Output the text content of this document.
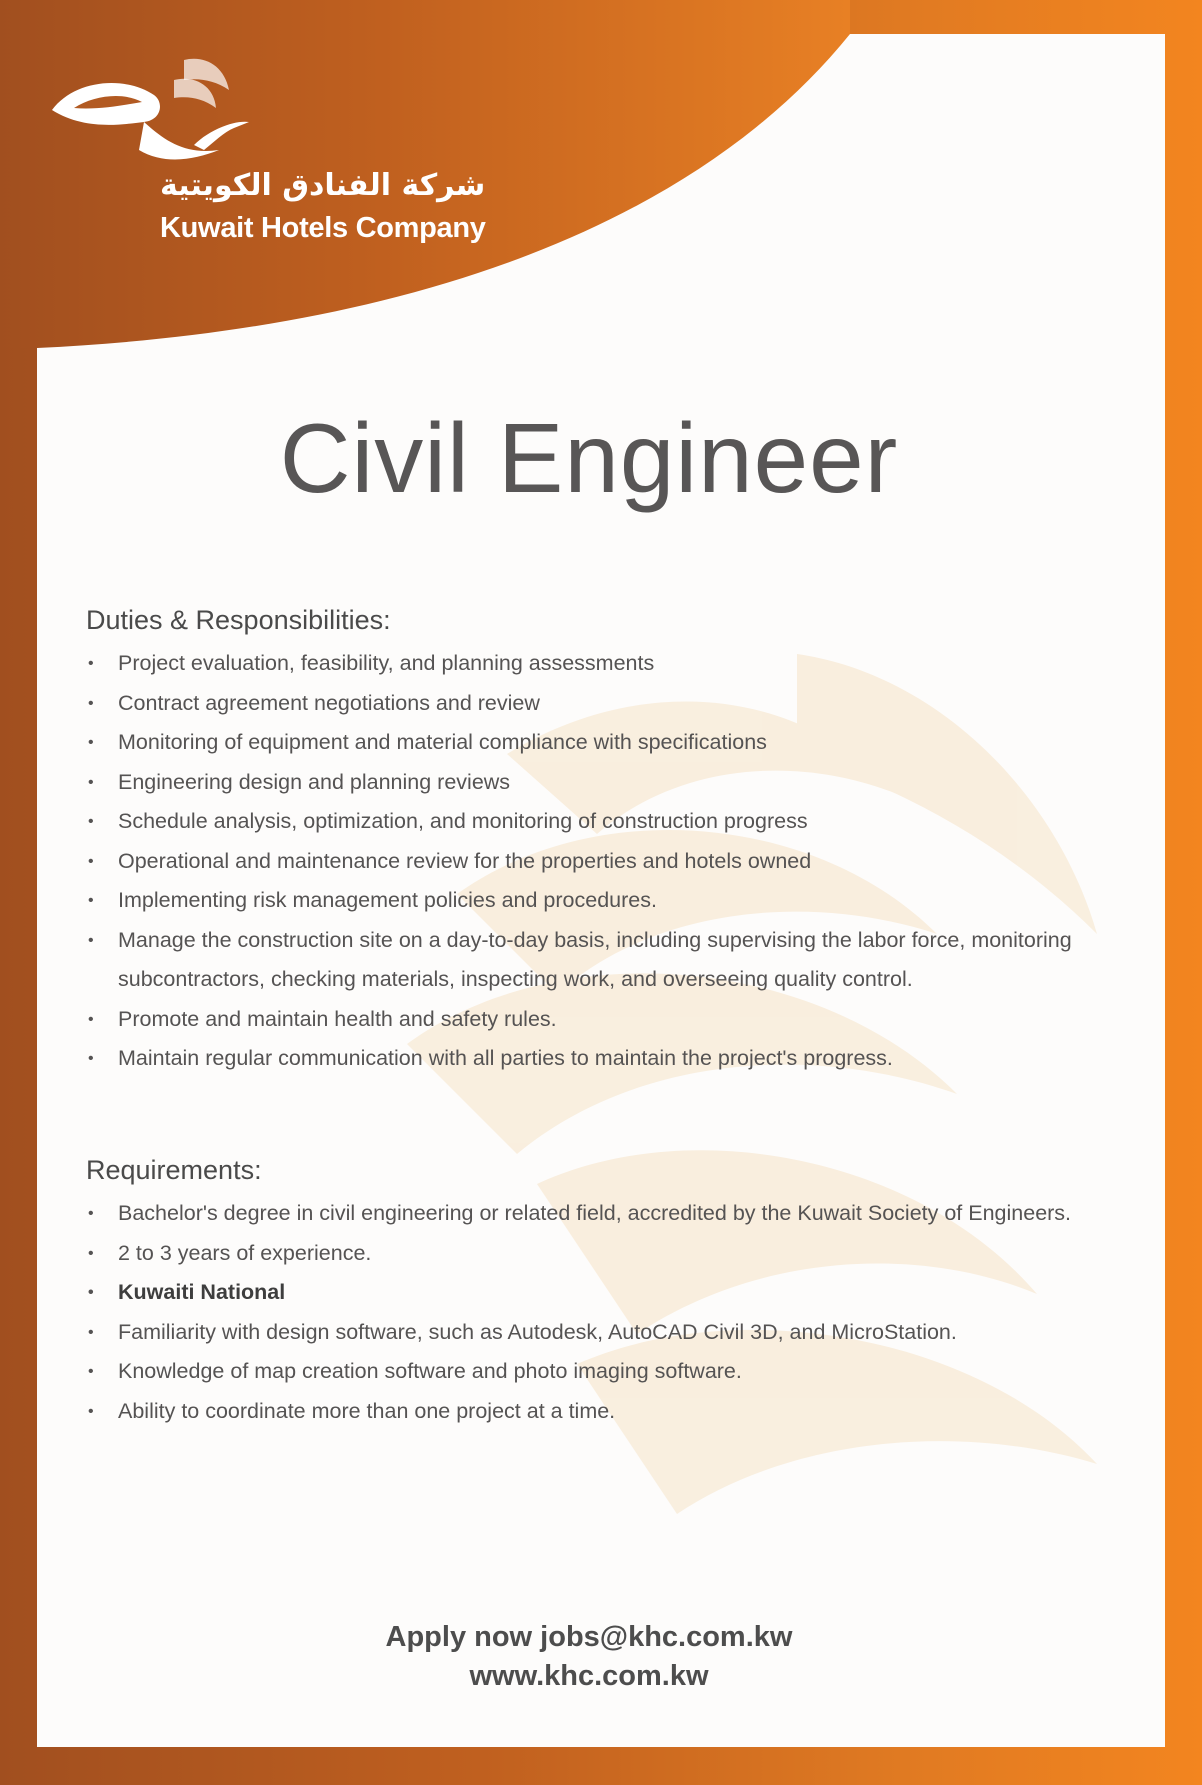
شركة الفنادق الكويتية
Kuwait Hotels Company
Civil Engineer
Duties & Responsibilities:
• Project evaluation, feasibility, and planning assessments
• Contract agreement negotiations and review
• Monitoring of equipment and material compliance with specifications
• Engineering design and planning reviews
• Schedule analysis, optimization, and monitoring of construction progress
• Operational and maintenance review for the properties and hotels owned
• Implementing risk management policies and procedures.
• Manage the construction site on a day-to-day basis, including supervising the labor force, monitoring subcontractors, checking materials, inspecting work, and overseeing quality control.
• Promote and maintain health and safety rules.
• Maintain regular communication with all parties to maintain the project's progress.
Requirements:
• Bachelor's degree in civil engineering or related field, accredited by the Kuwait Society of Engineers.
• 2 to 3 years of experience.
• Kuwaiti National
• Familiarity with design software, such as Autodesk, AutoCAD Civil 3D, and MicroStation.
• Knowledge of map creation software and photo imaging software.
• Ability to coordinate more than one project at a time.
Apply now jobs@khc.com.kw
www.khc.com.kw
